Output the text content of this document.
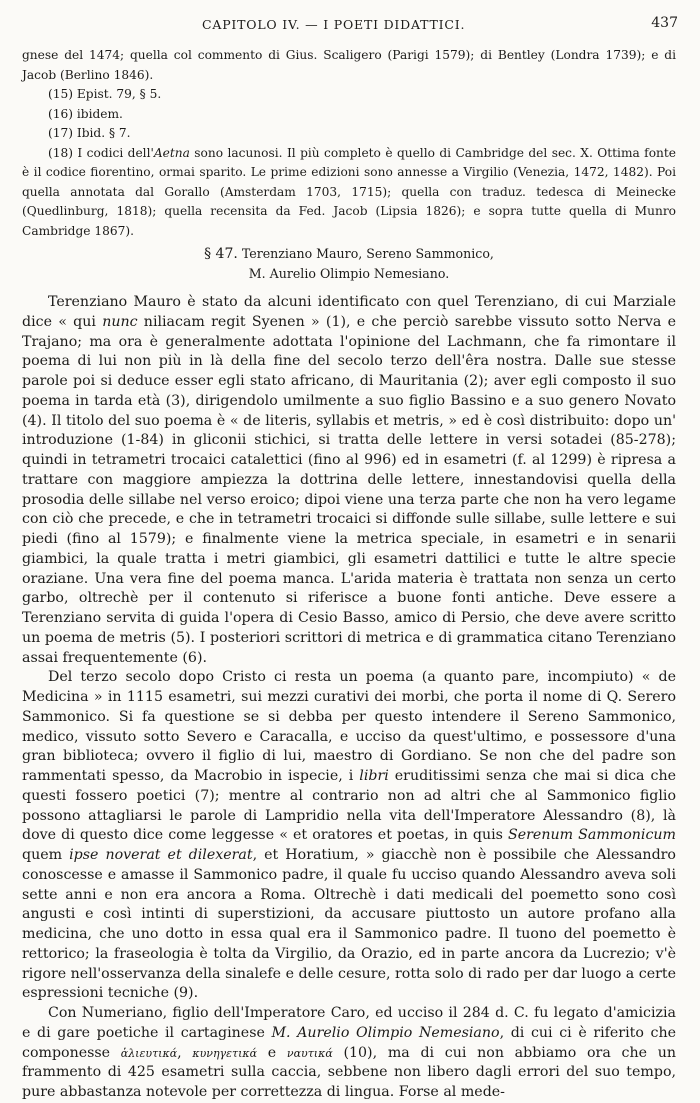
CAPITOLO IV. — I POETI DIDATTICI.	437

gnese del 1474; quella col commento di Gius. Scaligero (Parigi 1579); di Bentley (Londra 1739); e di Jacob (Berlino 1846).

(15) Epist. 79, § 5.

(16) ibidem.

(17) Ibid. § 7.

(18) I codici dell'Aetna sono lacunosi. Il più completo è quello di Cambridge del sec. X. Ottima fonte è il codice fiorentino, ormai sparito. Le prime edizioni sono annesse a Virgilio (Venezia, 1472, 1482). Poi quella annotata dal Gorallo (Amsterdam 1703, 1715); quella con traduz. tedesca di Meinecke (Quedlinburg, 1818); quella recensita da Fed. Jacob (Lipsia 1826); e sopra tutte quella di Munro Cambridge 1867).

§ 47. Terenziano Mauro, Sereno Sammonico,
M. Aurelio Olimpio Nemesiano.

Terenziano Mauro è stato da alcuni identificato con quel Terenziano, di cui Marziale dice « qui nunc niliacam regit Syenen » (1), e che perciò sarebbe vissuto sotto Nerva e Trajano; ma ora è generalmente adottata l'opinione del Lachmann, che fa rimontare il poema di lui non più in là della fine del secolo terzo dell'êra nostra. Dalle sue stesse parole poi si deduce esser egli stato africano, di Mauritania (2); aver egli composto il suo poema in tarda età (3), dirigendolo umilmente a suo figlio Bassino e a suo genero Novato (4). Il titolo del suo poema è « de literis, syllabis et metris, » ed è così distribuito: dopo un' introduzione (1-84) in gliconii stichici, si tratta delle lettere in versi sotadei (85-278); quindi in tetrametri trocaici catalettici (fino al 996) ed in esametri (f. al 1299) è ripresa a trattare con maggiore ampiezza la dottrina delle lettere, innestandovisi quella della prosodia delle sillabe nel verso eroico; dipoi viene una terza parte che non ha vero legame con ciò che precede, e che in tetrametri trocaici si diffonde sulle sillabe, sulle lettere e sui piedi (fino al 1579); e finalmente viene la metrica speciale, in esametri e in senarii giambici, la quale tratta i metri giambici, gli esametri dattilici e tutte le altre specie oraziane. Una vera fine del poema manca. L'arida materia è trattata non senza un certo garbo, oltrechè per il contenuto si riferisce a buone fonti antiche. Deve essere a Terenziano servita di guida l'opera di Cesio Basso, amico di Persio, che deve avere scritto un poema de metris (5). I posteriori scrittori di metrica e di grammatica citano Terenziano assai frequentemente (6).

Del terzo secolo dopo Cristo ci resta un poema (a quanto pare, incompiuto) « de Medicina » in 1115 esametri, sui mezzi curativi dei morbi, che porta il nome di Q. Serero Sammonico. Si fa questione se si debba per questo intendere il Sereno Sammonico, medico, vissuto sotto Severo e Caracalla, e ucciso da quest'ultimo, e possessore d'una gran biblioteca; ovvero il figlio di lui, maestro di Gordiano. Se non che del padre son rammentati spesso, da Macrobio in ispecie, i libri eruditissimi senza che mai si dica che questi fossero poetici (7); mentre al contrario non ad altri che al Sammonico figlio possono attagliarsi le parole di Lampridio nella vita dell'Imperatore Alessandro (8), là dove di questo dice come leggesse « et oratores et poetas, in quis Serenum Sammonicum quem ipse noverat et dilexerat, et Horatium, » giacchè non è possibile che Alessandro conoscesse e amasse il Sammonico padre, il quale fu ucciso quando Alessandro aveva soli sette anni e non era ancora a Roma. Oltrechè i dati medicali del poemetto sono così angusti e così intinti di superstizioni, da accusare piuttosto un autore profano alla medicina, che uno dotto in essa qual era il Sammonico padre. Il tuono del poemetto è rettorico; la fraseologia è tolta da Virgilio, da Orazio, ed in parte ancora da Lucrezio; v'è rigore nell'osservanza della sinalefe e delle cesure, rotta solo di rado per dar luogo a certe espressioni tecniche (9).

Con Numeriano, figlio dell'Imperatore Caro, ed ucciso il 284 d. C. fu legato d'amicizia e di gare poetiche il cartaginese M. Aurelio Olimpio Nemesiano, di cui ci è riferito che componesse ἁλιευτικά, κυνηγετικά e ναυτικά (10), ma di cui non abbiamo ora che un frammento di 425 esametri sulla caccia, sebbene non libero dagli errori del suo tempo, pure abbastanza notevole per correttezza di lingua. Forse al mede-
